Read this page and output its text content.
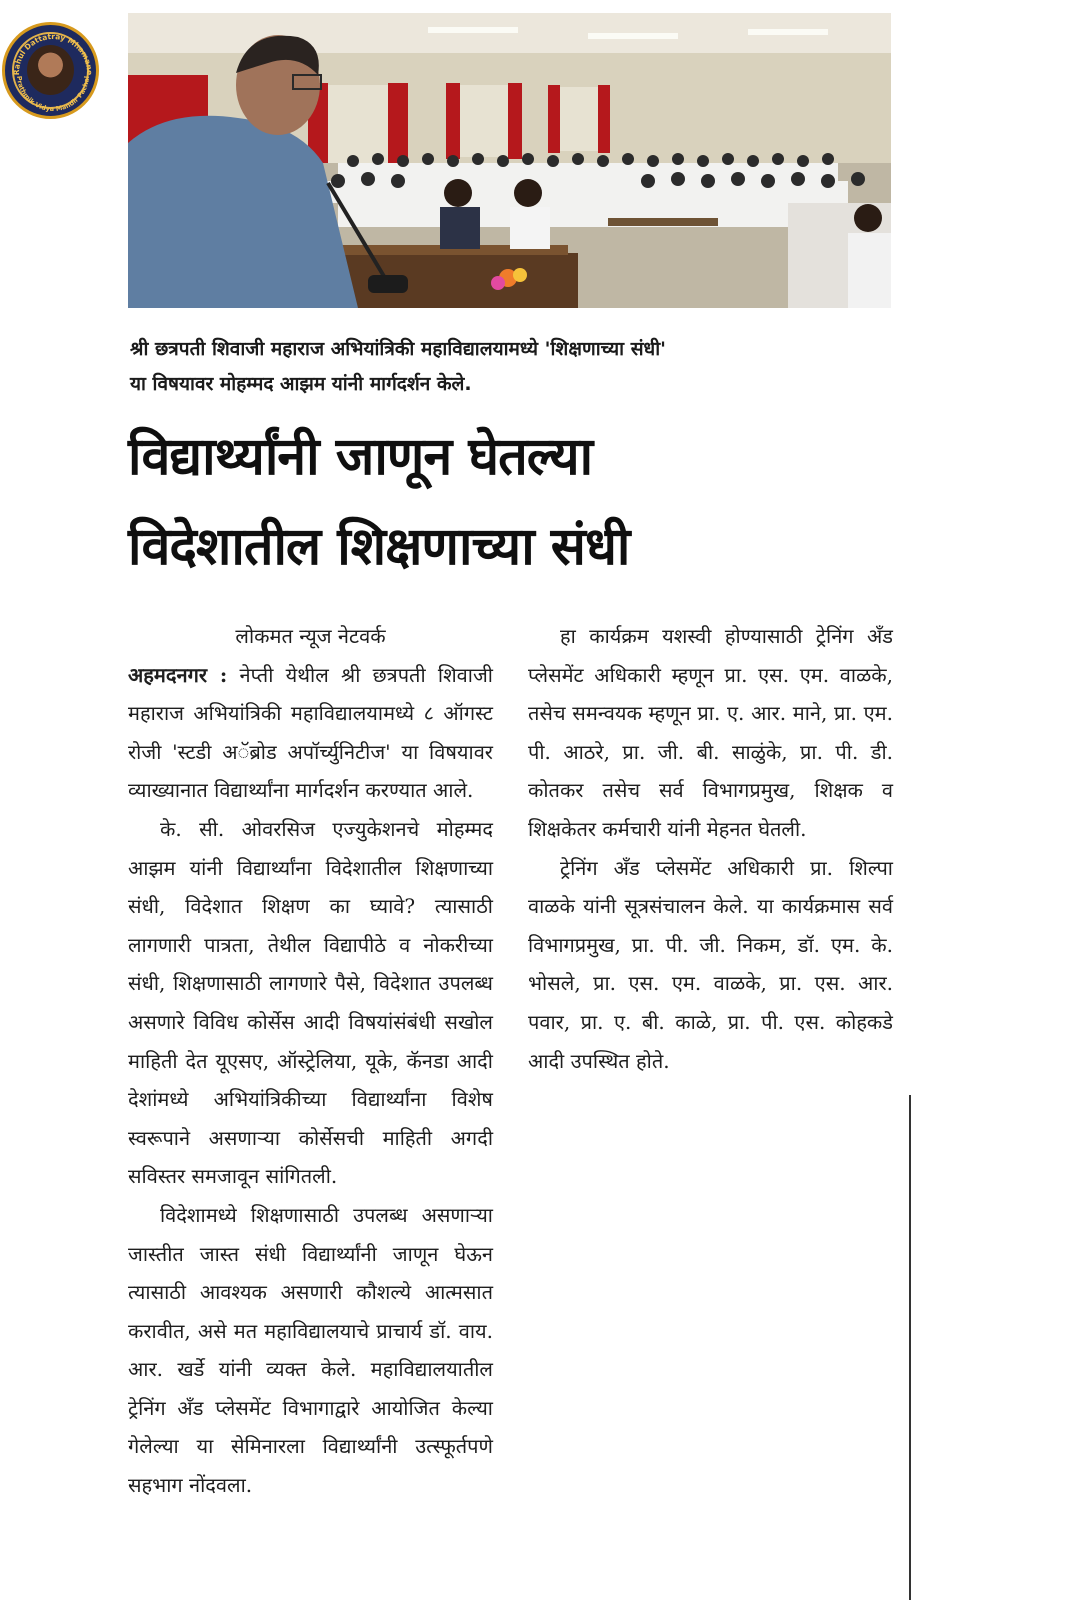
Rahul Dattatray Mhamane
Prathmik Vidya Mandir Pachal
श्री छत्रपती शिवाजी महाराज अभियांत्रिकी महाविद्यालयामध्ये 'शिक्षणाच्या संधी'
या विषयावर मोहम्मद आझम यांनी मार्गदर्शन केले.
विद्यार्थ्यांनी जाणून घेतल्या
विदेशातील शिक्षणाच्या संधी

लोकमत न्यूज नेटवर्क

अहमदनगर : नेप्ती येथील श्री छत्रपती शिवाजी महाराज अभियांत्रिकी महाविद्यालयामध्ये ८ ऑगस्ट रोजी 'स्टडी अॅब्रोड अपॉर्च्युनिटीज' या विषयावर व्याख्यानात विद्यार्थ्यांना मार्गदर्शन करण्यात आले.

के. सी. ओवरसिज एज्युकेशनचे मोहम्मद आझम यांनी विद्यार्थ्यांना विदेशातील शिक्षणाच्या संधी, विदेशात शिक्षण का घ्यावे? त्यासाठी लागणारी पात्रता, तेथील विद्यापीठे व नोकरीच्या संधी, शिक्षणासाठी लागणारे पैसे, विदेशात उपलब्ध असणारे विविध कोर्सेस आदी विषयांसंबंधी सखोल माहिती देत यूएसए, ऑस्ट्रेलिया, यूके, कॅनडा आदी देशांमध्ये अभियांत्रिकीच्या विद्यार्थ्यांना विशेष स्वरूपाने असणाऱ्या कोर्सेसची माहिती अगदी सविस्तर समजावून सांगितली.

विदेशामध्ये शिक्षणासाठी उपलब्ध असणाऱ्या जास्तीत जास्त संधी विद्यार्थ्यांनी जाणून घेऊन त्यासाठी आवश्यक असणारी कौशल्ये आत्मसात करावीत, असे मत महाविद्यालयाचे प्राचार्य डॉ. वाय. आर. खर्डे यांनी व्यक्त केले. महाविद्यालयातील ट्रेनिंग अँड प्लेसमेंट विभागाद्वारे आयोजित केल्या गेलेल्या या सेमिनारला विद्यार्थ्यांनी उत्स्फूर्तपणे सहभाग नोंदवला.

हा कार्यक्रम यशस्वी होण्यासाठी ट्रेनिंग अँड प्लेसमेंट अधिकारी म्हणून प्रा. एस. एम. वाळके, तसेच समन्वयक म्हणून प्रा. ए. आर. माने, प्रा. एम. पी. आठरे, प्रा. जी. बी. साळुंके, प्रा. पी. डी. कोतकर तसेच सर्व विभागप्रमुख, शिक्षक व शिक्षकेतर कर्मचारी यांनी मेहनत घेतली.

ट्रेनिंग अँड प्लेसमेंट अधिकारी प्रा. शिल्पा वाळके यांनी सूत्रसंचालन केले. या कार्यक्रमास सर्व विभागप्रमुख, प्रा. पी. जी. निकम, डॉ. एम. के. भोसले, प्रा. एस. एम. वाळके, प्रा. एस. आर. पवार, प्रा. ए. बी. काळे, प्रा. पी. एस. कोहकडे आदी उपस्थित होते.
